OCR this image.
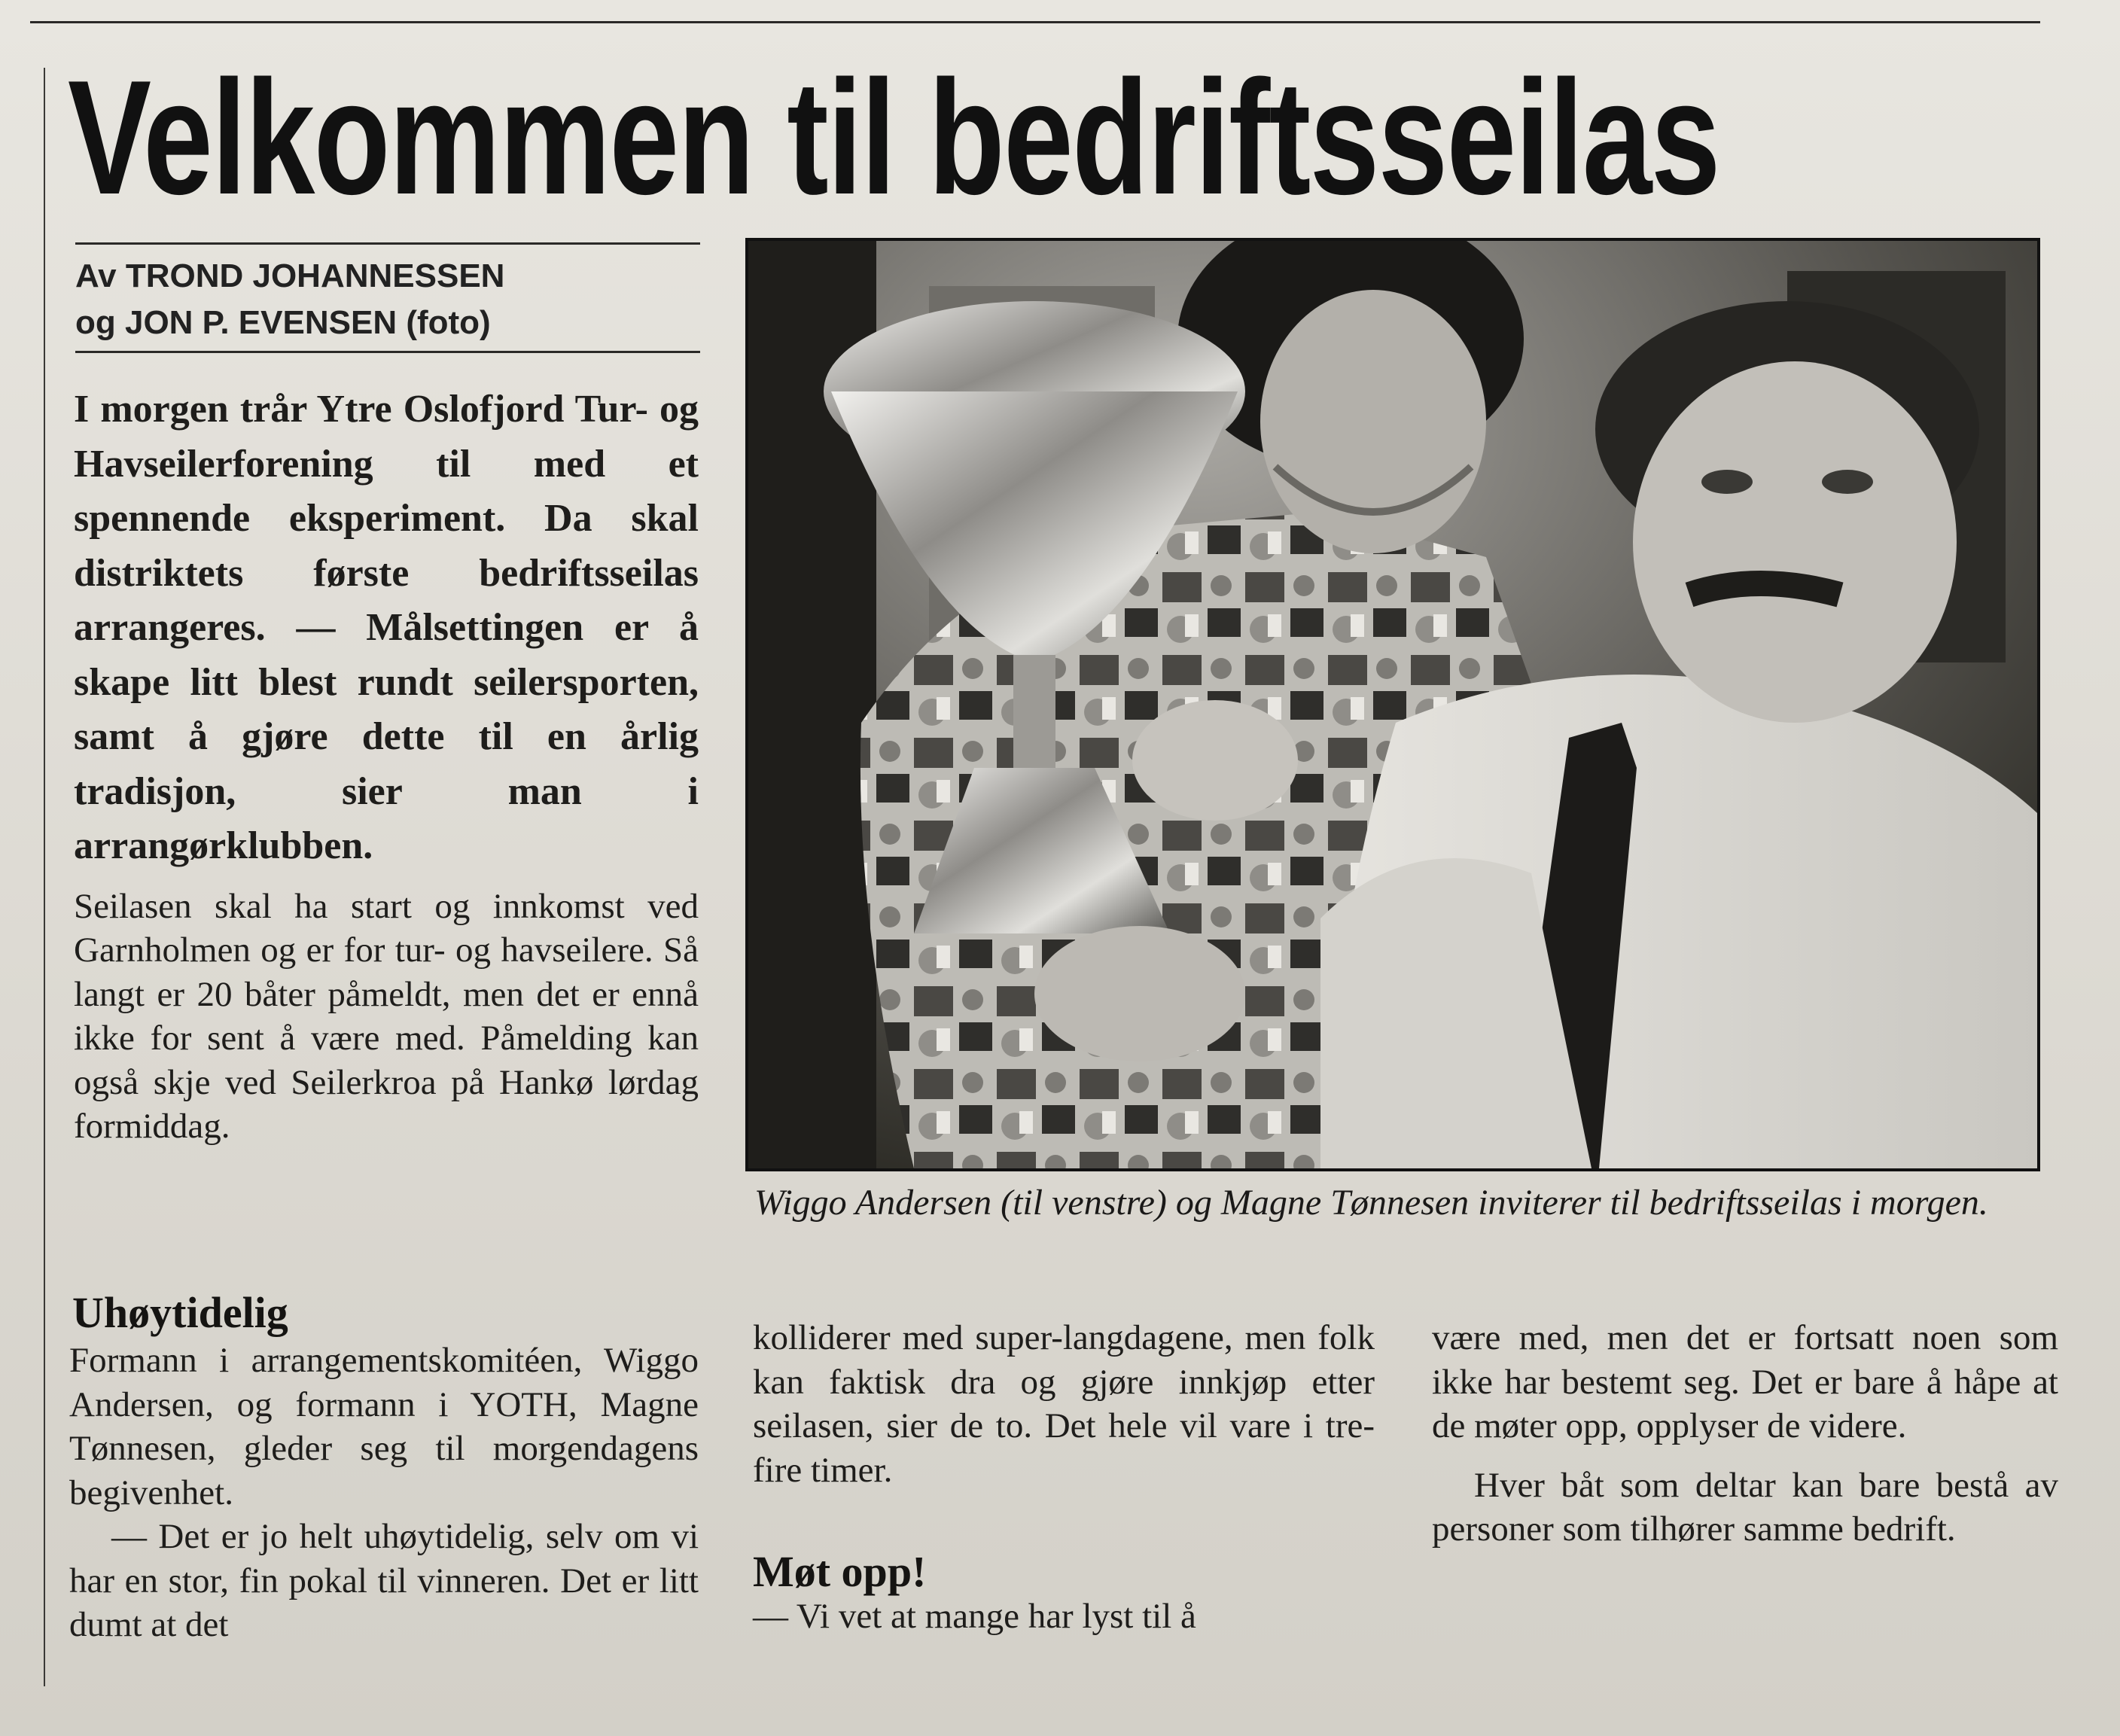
Velkommen til bedriftsseilas
Av TROND JOHANNESSEN
og JON P. EVENSEN (foto)

I morgen trår Ytre Oslofjord Tur- og Havseilerforening til med et spennende eksperiment. Da skal distriktets første bedriftsseilas arrangeres. — Målsettingen er å skape litt blest rundt seilersporten, samt å gjøre dette til en årlig tradisjon, sier man i arrangørklubben.

Seilasen skal ha start og innkomst ved Garnholmen og er for tur- og havseilere. Så langt er 20 båter påmeldt, men det er ennå ikke for sent å være med. Påmelding kan også skje ved Seilerkroa på Hankø lørdag formiddag.

Uhøytidelig

Formann i arrangementskomitéen, Wiggo Andersen, og formann i YOTH, Magne Tønnesen, gleder seg til morgendagens begivenhet.

— Det er jo helt uhøytidelig, selv om vi har en stor, fin pokal til vinneren. Det er litt dumt at det

Wiggo Andersen (til venstre) og Magne Tønnesen inviterer til bedriftsseilas i morgen.

kolliderer med super-langdagene, men folk kan faktisk dra og gjøre innkjøp etter seilasen, sier de to. Det hele vil vare i tre-fire timer.

Møt opp!

— Vi vet at mange har lyst til å

være med, men det er fortsatt noen som ikke har bestemt seg. Det er bare å håpe at de møter opp, opplyser de videre.

Hver båt som deltar kan bare bestå av personer som tilhører samme bedrift.
